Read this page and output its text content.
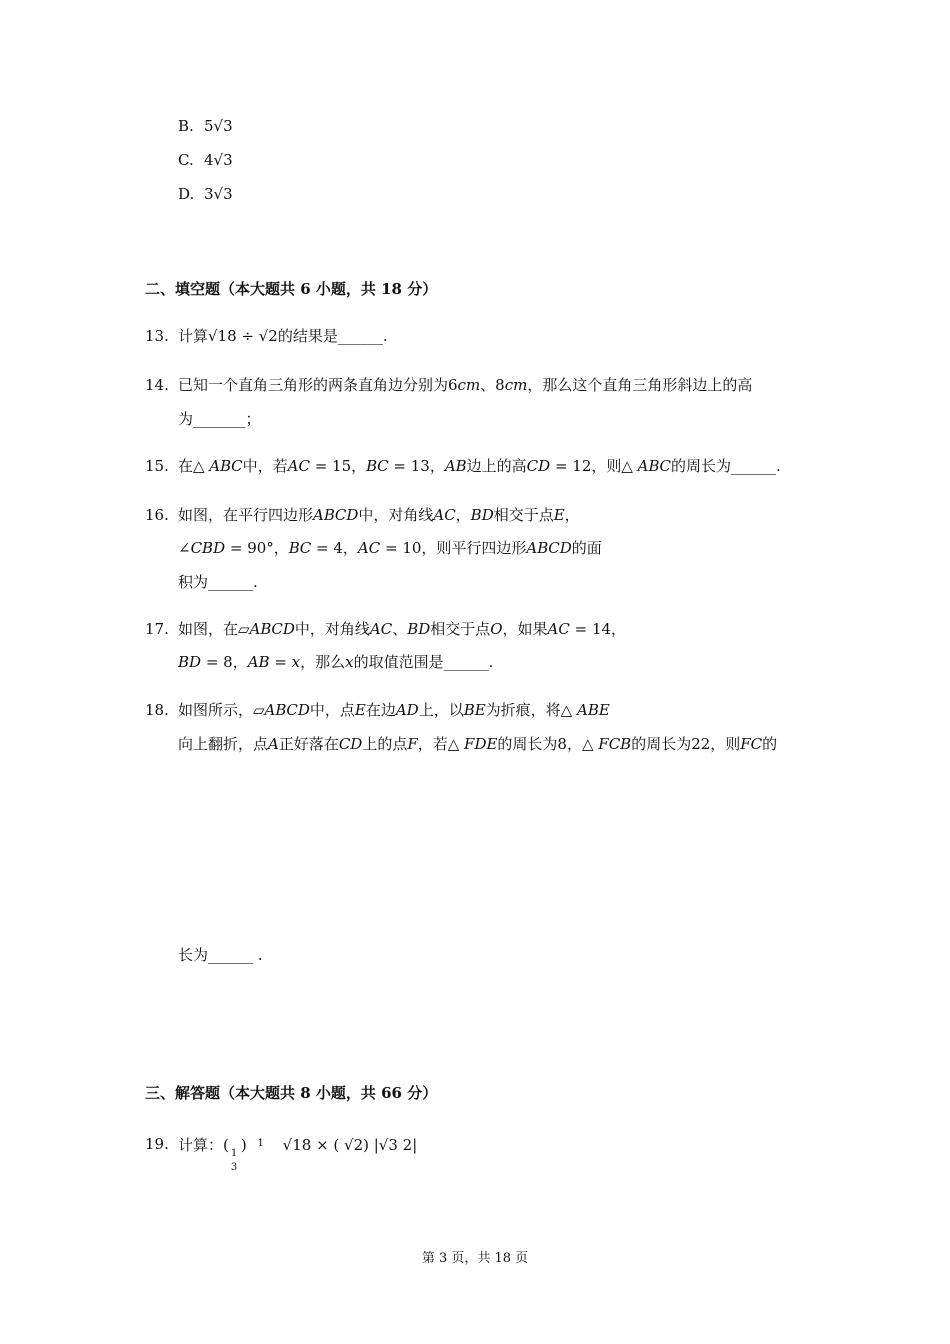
B. 5√3
C. 4√3
D. 3√3
二、填空题（本大题共 6 小题，共 18 分）
13. 计算√18 ÷ √2的结果是______.
14. 已知一个直角三角形的两条直角边分别为6𝑐𝑚、8𝑐𝑚，那么这个直角三角形斜边上的高
为_______；
15. 在△ 𝐴𝐵𝐶中，若𝐴𝐶 = 15，𝐵𝐶 = 13，𝐴𝐵边上的高𝐶𝐷 = 12，则△ 𝐴𝐵𝐶的周长为______.
16. 如图，在平行四边形𝐴𝐵𝐶𝐷中，对角线𝐴𝐶，𝐵𝐷相交于点𝐸，
∠𝐶𝐵𝐷 = 90°，𝐵𝐶 = 4，𝐴𝐶 = 10，则平行四边形𝐴𝐵𝐶𝐷的面
积为______.
17. 如图，在▱𝐴𝐵𝐶𝐷中，对角线𝐴𝐶、𝐵𝐷相交于点𝑂，如果𝐴𝐶 = 14，
𝐵𝐷 = 8，𝐴𝐵 = 𝑥，那么𝑥的取值范围是______.
18. 如图所示，▱𝐴𝐵𝐶𝐷中，点𝐸在边𝐴𝐷上，以𝐵𝐸为折痕，将△ 𝐴𝐵𝐸
向上翻折，点𝐴正好落在𝐶𝐷上的点𝐹，若△ 𝐹𝐷𝐸的周长为8，△ 𝐹𝐶𝐵的周长为22，则𝐹𝐶的
长为______ .
三、解答题（本大题共 8 小题，共 66 分）
19. 计算：( 1
3
) $^1$ √18 × ( √2) |√3 2|
第 3 页，共 18 页
